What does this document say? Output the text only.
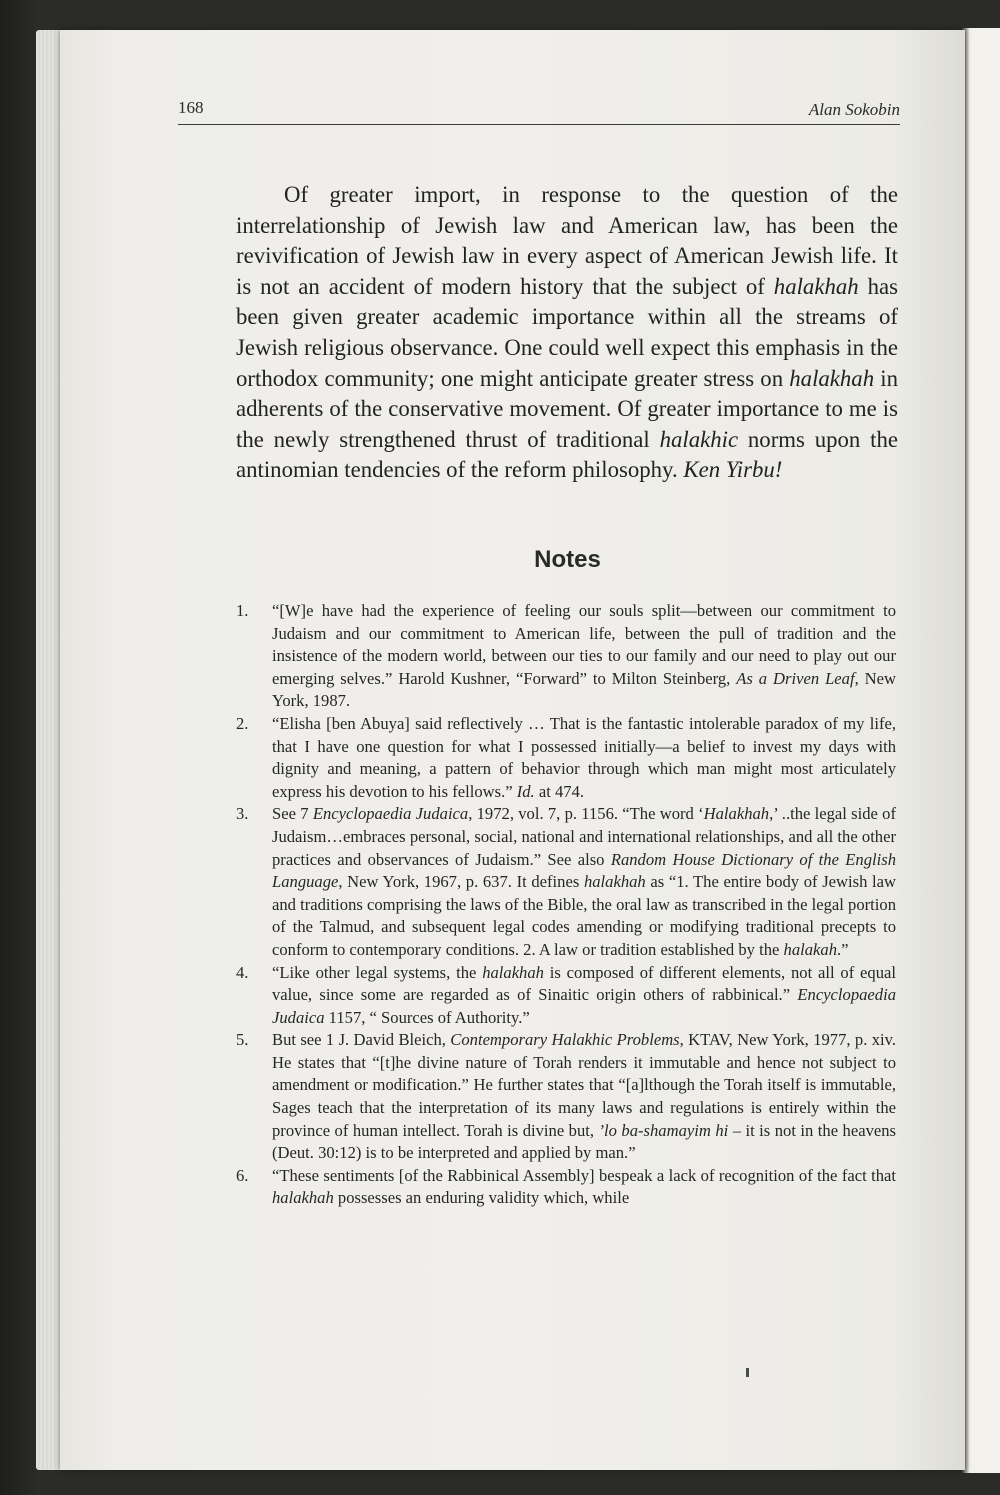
168	Alan Sokobin

Of greater import, in response to the question of the interrelationship of Jewish law and American law, has been the revivification of Jewish law in every aspect of American Jewish life. It is not an accident of modern history that the subject of halakhah has been given greater academic importance within all the streams of Jewish religious observance. One could well expect this emphasis in the orthodox community; one might anticipate greater stress on halakhah in adherents of the conservative movement. Of greater importance to me is the newly strengthened thrust of traditional halakhic norms upon the antinomian tendencies of the reform philosophy. Ken Yirbu!

Notes
1. “[W]e have had the experience of feeling our souls split—between our commitment to Judaism and our commitment to American life, between the pull of tradition and the insistence of the modern world, between our ties to our family and our need to play out our emerging selves.” Harold Kushner, “Forward” to Milton Steinberg, As a Driven Leaf, New York, 1987.
2. “Elisha [ben Abuya] said reflectively … That is the fantastic intolerable paradox of my life, that I have one question for what I possessed initially—a belief to invest my days with dignity and meaning, a pattern of behavior through which man might most articulately express his devotion to his fellows.” Id. at 474.
3. See 7 Encyclopaedia Judaica, 1972, vol. 7, p. 1156. “The word ‘Halakhah,’ ..the legal side of Judaism…embraces personal, social, national and international relationships, and all the other practices and observances of Judaism.” See also Random House Dictionary of the English Language, New York, 1967, p. 637. It defines halakhah as “1. The entire body of Jewish law and traditions comprising the laws of the Bible, the oral law as transcribed in the legal portion of the Talmud, and subsequent legal codes amending or modifying traditional precepts to conform to contemporary conditions. 2. A law or tradition established by the halakah.”
4. “Like other legal systems, the halakhah is composed of different elements, not all of equal value, since some are regarded as of Sinaitic origin others of rabbinical.” Encyclopaedia Judaica 1157, “ Sources of Authority.”
5. But see 1 J. David Bleich, Contemporary Halakhic Problems, KTAV, New York, 1977, p. xiv. He states that “[t]he divine nature of Torah renders it immutable and hence not subject to amendment or modification.” He further states that “[a]lthough the Torah itself is immutable, Sages teach that the interpretation of its many laws and regulations is entirely within the province of human intellect. Torah is divine but, ’lo ba-shamayim hi – it is not in the heavens (Deut. 30:12) is to be interpreted and applied by man.”
6. “These sentiments [of the Rabbinical Assembly] bespeak a lack of recognition of the fact that halakhah possesses an enduring validity which, while
